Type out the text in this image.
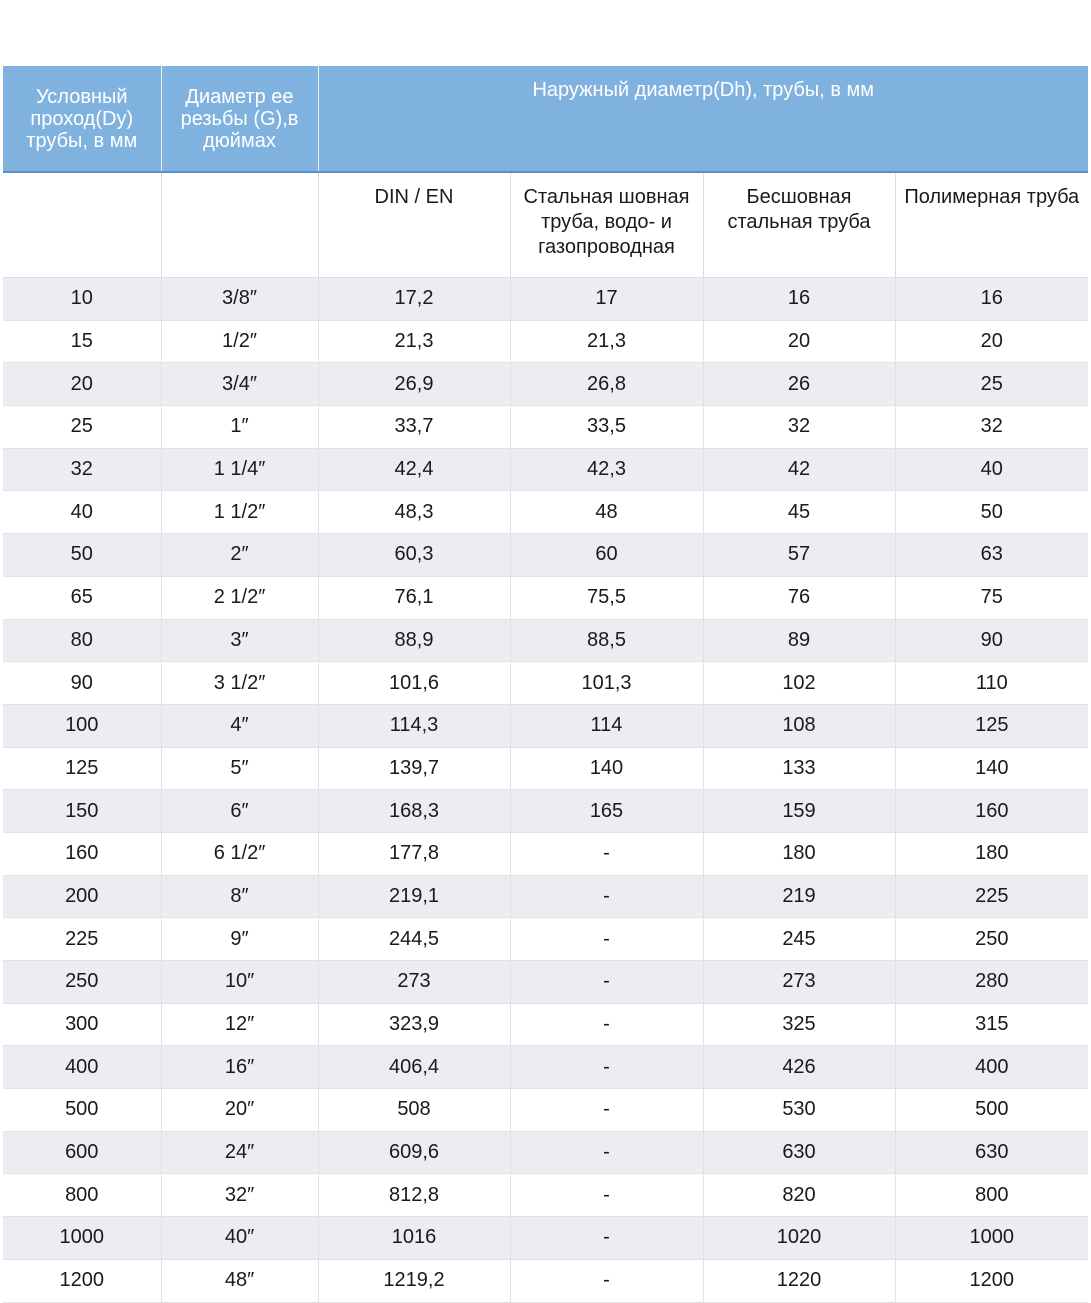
Условный проход(Dy) трубы, в мм	Диаметр ее резьбы (G),в дюймах	Наружный диаметр(Dh), трубы, в мм			
		DIN / EN	Стальная шовная труба, водо- и газопроводная	Бесшовная стальная труба	Полимерная труба
10	3/8″	17,2	17	16	16
15	1/2″	21,3	21,3	20	20
20	3/4″	26,9	26,8	26	25
25	1″	33,7	33,5	32	32
32	1 1/4″	42,4	42,3	42	40
40	1 1/2″	48,3	48	45	50
50	2″	60,3	60	57	63
65	2 1/2″	76,1	75,5	76	75
80	3″	88,9	88,5	89	90
90	3 1/2″	101,6	101,3	102	110
100	4″	114,3	114	108	125
125	5″	139,7	140	133	140
150	6″	168,3	165	159	160
160	6 1/2″	177,8	-	180	180
200	8″	219,1	-	219	225
225	9″	244,5	-	245	250
250	10″	273	-	273	280
300	12″	323,9	-	325	315
400	16″	406,4	-	426	400
500	20″	508	-	530	500
600	24″	609,6	-	630	630
800	32″	812,8	-	820	800
1000	40″	1016	-	1020	1000
1200	48″	1219,2	-	1220	1200
